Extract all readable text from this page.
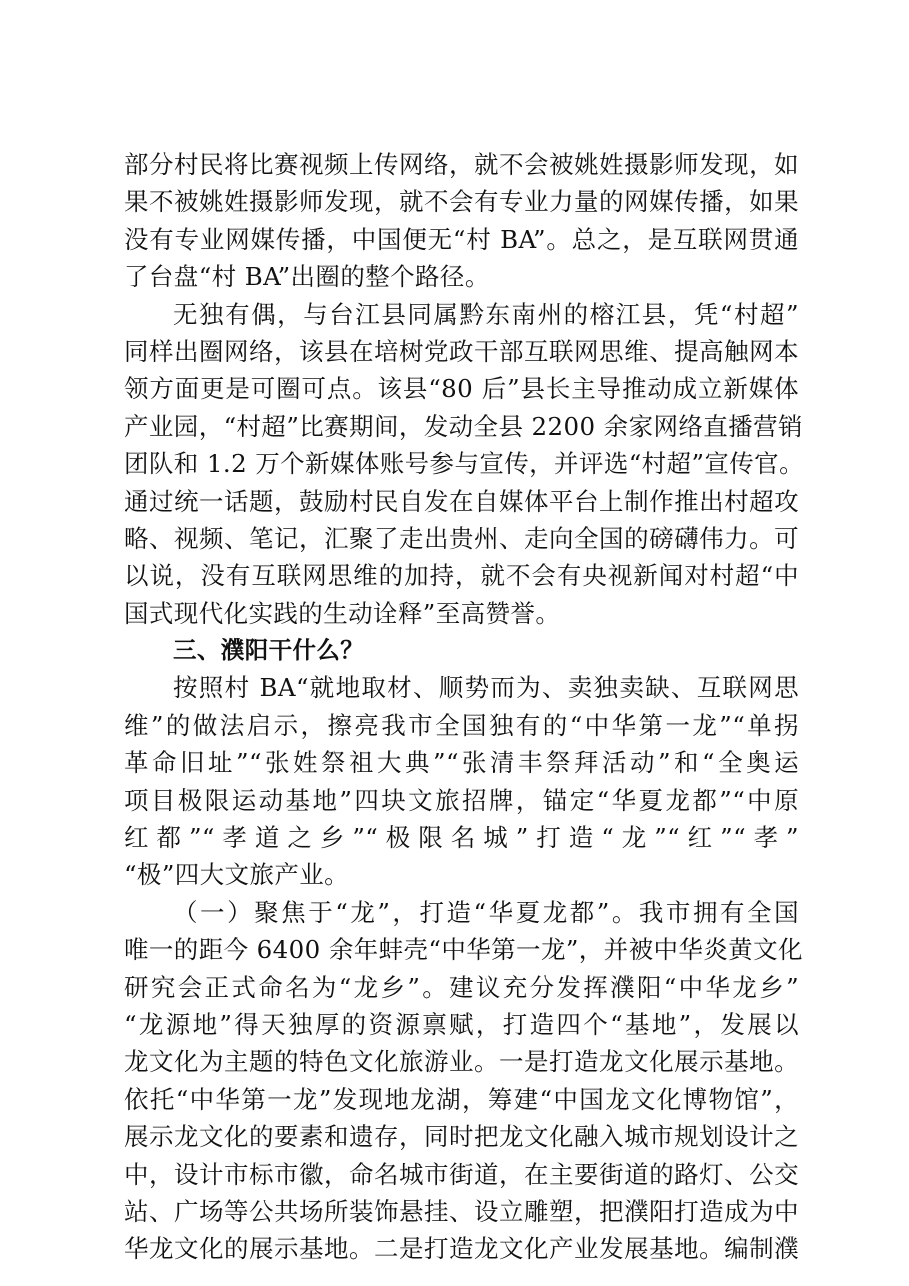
部分村民将比赛视频上传网络，就不会被姚姓摄影师发现，如
果不被姚姓摄影师发现，就不会有专业力量的网媒传播，如果
没有专业网媒传播，中国便无“村 BA”。总之，是互联网贯通
了台盘“村 BA”出圈的整个路径。
无独有偶，与台江县同属黔东南州的榕江县，凭“村超”
同样出圈网络，该县在培树党政干部互联网思维、提高触网本
领方面更是可圈可点。该县“80 后”县长主导推动成立新媒体
产业园，“村超”比赛期间，发动全县 2200 余家网络直播营销
团队和 1.2 万个新媒体账号参与宣传，并评选“村超”宣传官。
通过统一话题，鼓励村民自发在自媒体平台上制作推出村超攻
略、视频、笔记，汇聚了走出贵州、走向全国的磅礴伟力。可
以说，没有互联网思维的加持，就不会有央视新闻对村超“中
国式现代化实践的生动诠释”至高赞誉。
三、濮阳干什么？
按照村 BA“就地取材、顺势而为、卖独卖缺、互联网思
维”的做法启示，擦亮我市全国独有的“中华第一龙”“单拐
革命旧址”“张姓祭祖大典”“张清丰祭拜活动”和“全奥运
项目极限运动基地”四块文旅招牌，锚定“华夏龙都”“中原
红都”“孝道之乡”“极限名城”打造“龙”“红”“孝”
“极”四大文旅产业。
（一）聚焦于“龙”，打造“华夏龙都”。我市拥有全国
唯一的距今 6400 余年蚌壳“中华第一龙”，并被中华炎黄文化
研究会正式命名为“龙乡”。建议充分发挥濮阳“中华龙乡”
“龙源地”得天独厚的资源禀赋，打造四个“基地”，发展以
龙文化为主题的特色文化旅游业。一是打造龙文化展示基地。
依托“中华第一龙”发现地龙湖，筹建“中国龙文化博物馆”，
展示龙文化的要素和遗存，同时把龙文化融入城市规划设计之
中，设计市标市徽，命名城市街道，在主要街道的路灯、公交
站、广场等公共场所装饰悬挂、设立雕塑，把濮阳打造成为中
华龙文化的展示基地。二是打造龙文化产业发展基地。编制濮
